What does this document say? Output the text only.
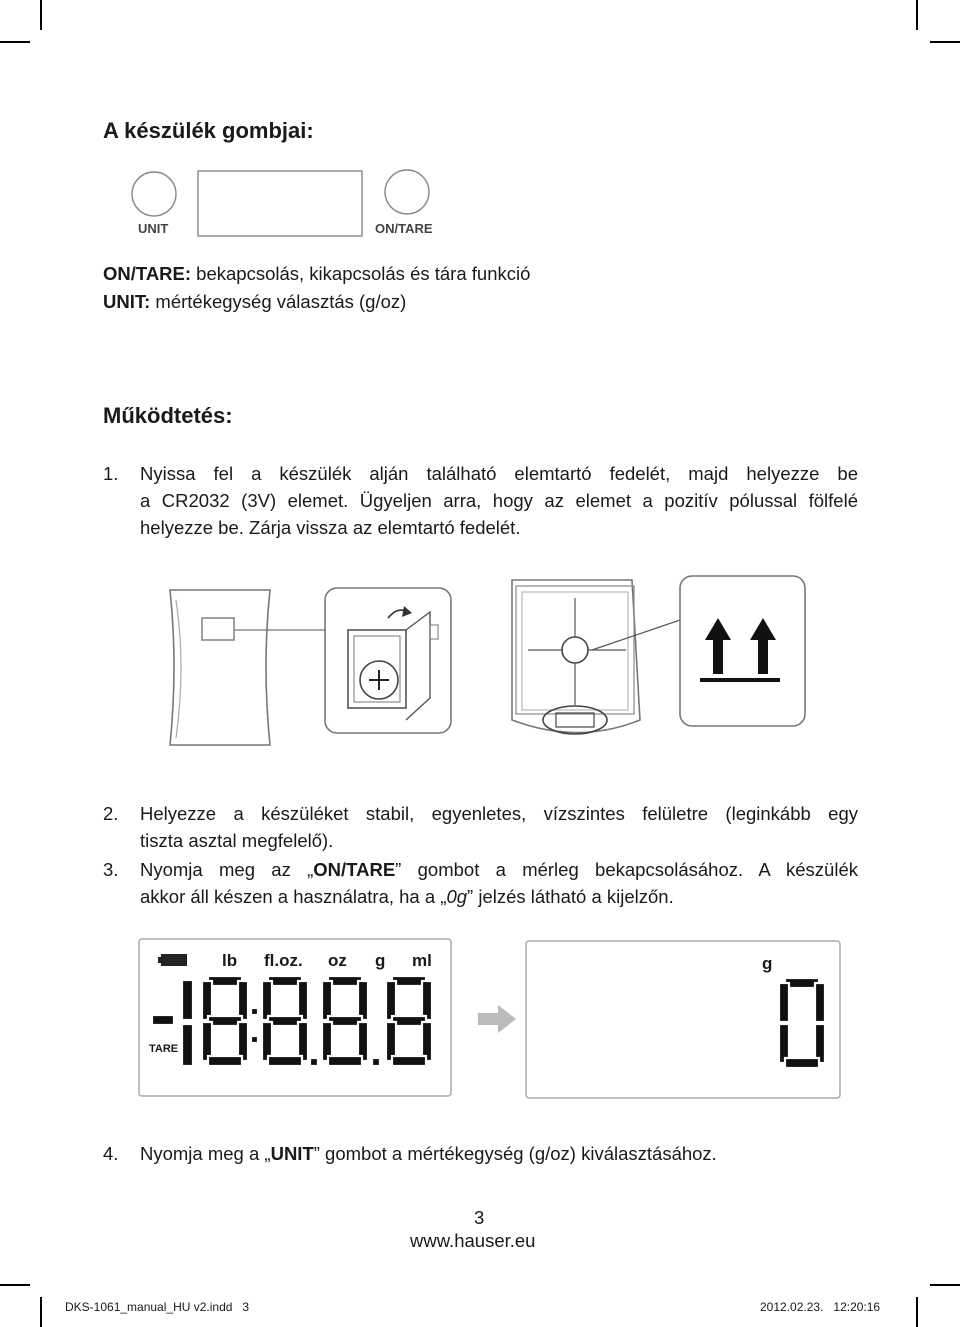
A készülék gombjai:
UNIT	ON/TARE
ON/TARE: bekapcsolás, kikapcsolás és tára funkció
UNIT: mértékegység választás (g/oz)
Működtetés:
1. Nyissa fel a készülék alján található elemtartó fedelét, majd helyezze be
a CR2032 (3V) elemet. Ügyeljen arra, hogy az elemet a pozitív pólussal fölfelé
helyezze be. Zárja vissza az elemtartó fedelét.
2. Helyezze a készüléket stabil, egyenletes, vízszintes felületre (leginkább egy
tiszta asztal megfelelő).
3. Nyomja meg az „ON/TARE” gombot a mérleg bekapcsolásához. A készülék
akkor áll készen a használatra, ha a „0g” jelzés látható a kijelzőn.
lb fl.oz. oz g ml
TARE
g
4. Nyomja meg a „UNIT” gombot a mértékegység (g/oz) kiválasztásához.
3
www.hauser.eu
DKS-1061_manual_HU v2.indd   3	2012.02.23.   12:20:16
